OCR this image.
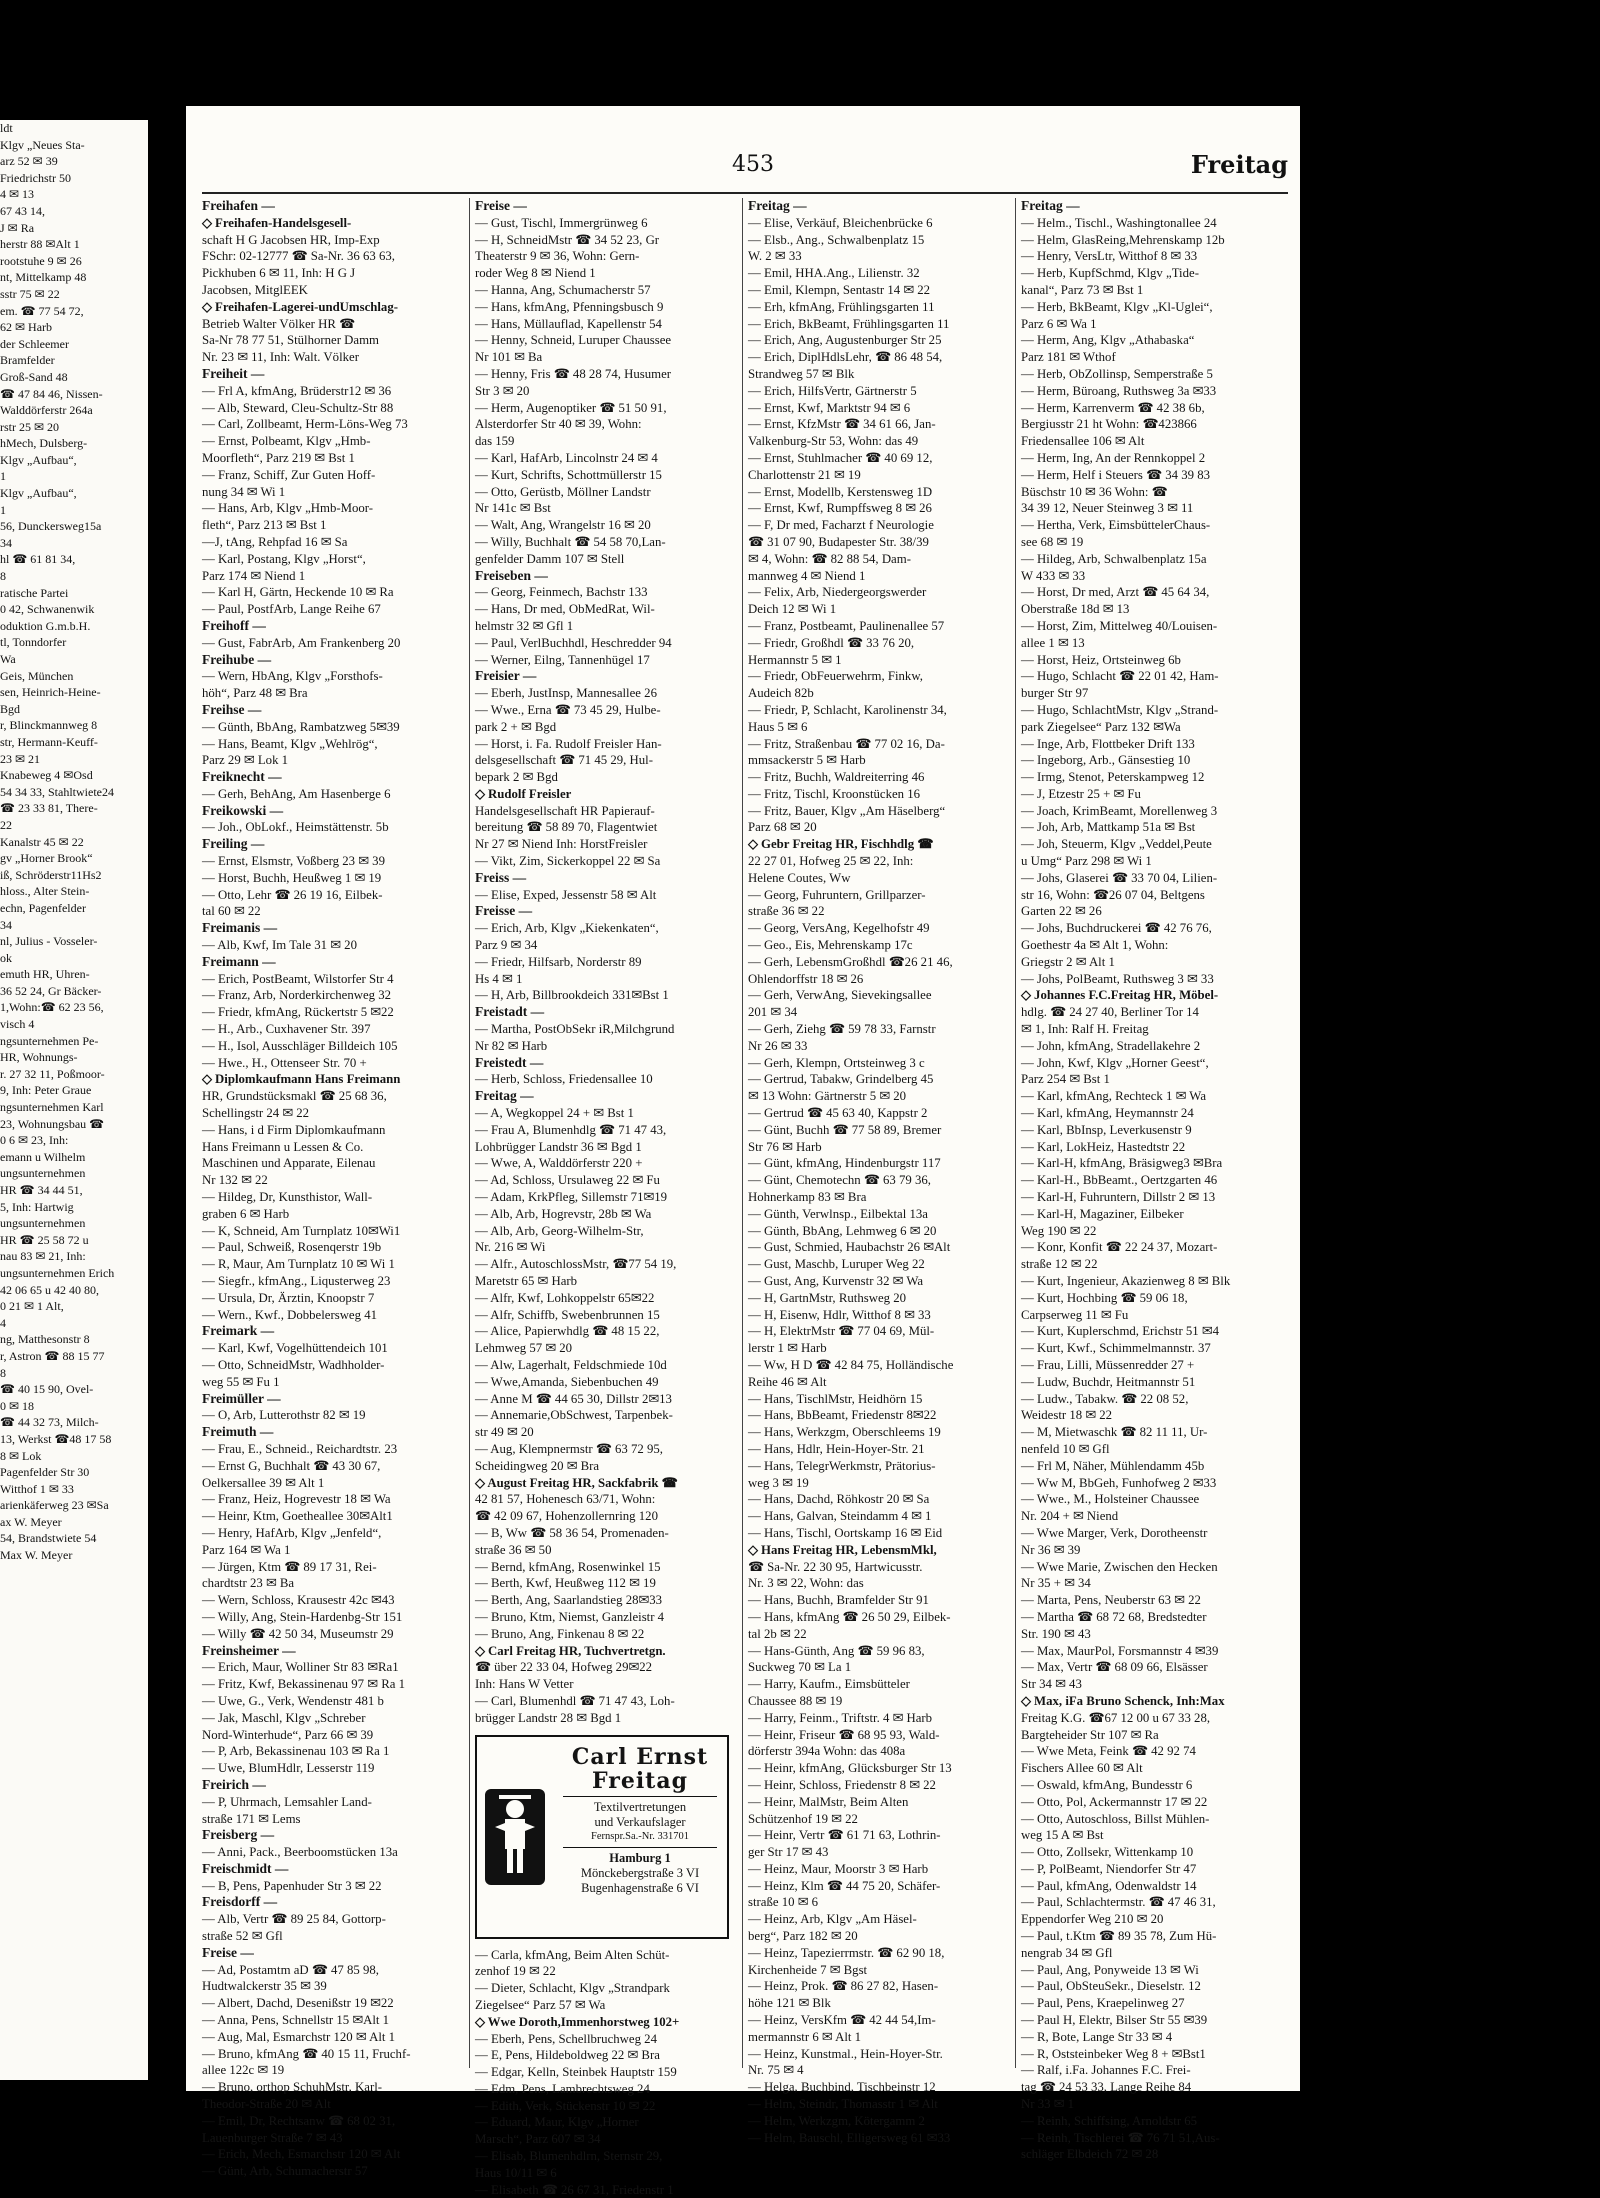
ldt
Klgv „Neues Sta-
arz 52 ✉ 39
Friedrichstr 50
4 ✉ 13
67 43 14,
J ✉ Ra
herstr 88 ✉Alt 1
rootstuhe 9 ✉ 26
nt, Mittelkamp 48
sstr 75 ✉ 22
em. ☎ 77 54 72,
62 ✉ Harb
der Schleemer
Bramfelder
Groß-Sand 48
☎ 47 84 46, Nissen-
Walddörferstr 264a
rstr 25 ✉ 20
hMech, Dulsberg-
Klgv „Aufbau“,
1
Klgv „Aufbau“,
1
56, Dunckersweg15a
34
hl ☎ 61 81 34,
8
ratische Partei
0 42, Schwanenwik
oduktion G.m.b.H.
tl, Tonndorfer
Wa
Geis, München
sen, Heinrich-Heine-
Bgd
r, Blinckmannweg 8
str, Hermann-Keuff-
23 ✉ 21
Knabeweg 4 ✉Osd
54 34 33, Stahltwiete24
☎ 23 33 81, There-
22
Kanalstr 45 ✉ 22
gv „Horner Brook“
iß, Schröderstr11Hs2
hloss., Alter Stein-
echn, Pagenfelder
34
nl, Julius - Vosseler-
ok
emuth HR, Uhren-
36 52 24, Gr Bäcker-
1,Wohn:☎ 62 23 56,
visch 4
ngsunternehmen Pe-
HR, Wohnungs-
r. 27 32 11, Poßmoor-
9, Inh: Peter Graue
ngsunternehmen Karl
23, Wohnungsbau ☎
0 6 ✉ 23, Inh:
emann u Wilhelm
ungsunternehmen
HR ☎ 34 44 51,
5, Inh: Hartwig
ungsunternehmen
HR ☎ 25 58 72 u
nau 83 ✉ 21, Inh:
ungsunternehmen Erich
42 06 65 u 42 40 80,
0 21 ✉ 1 Alt,
4
ng, Matthesonstr 8
r, Astron ☎ 88 15 77
8
☎ 40 15 90, Ovel-
0 ✉ 18
☎ 44 32 73, Milch-
13, Werkst ☎48 17 58
8 ✉ Lok
Pagenfelder Str 30
Witthof 1 ✉ 33
arienkäferweg 23 ✉Sa
ax W. Meyer
54, Brandstwiete 54
Max W. Meyer
453	Freitag
Freihafen —
◇ Freihafen-Handelsgesell-
schaft H G Jacobsen HR, Imp-Exp
FSchr: 02-12777 ☎ Sa-Nr. 36 63 63,
Pickhuben 6 ✉ 11, Inh: H G J
Jacobsen, MitglEEK
◇ Freihafen-Lagerei-undUmschlag-
Betrieb Walter Völker HR ☎
Sa-Nr 78 77 51, Stülhorner Damm
Nr. 23 ✉ 11, Inh: Walt. Völker
Freiheit —
— Frl A, kfmAng, Brüderstr12 ✉ 36
— Alb, Steward, Cleu-Schultz-Str 88
— Carl, Zollbeamt, Herm-Löns-Weg 73
— Ernst, Polbeamt, Klgv „Hmb-
Moorfleth“, Parz 219 ✉ Bst 1
— Franz, Schiff, Zur Guten Hoff-
nung 34 ✉ Wi 1
— Hans, Arb, Klgv „Hmb-Moor-
fleth“, Parz 213 ✉ Bst 1
—J, tAng, Rehpfad 16 ✉ Sa
— Karl, Postang, Klgv „Horst“,
Parz 174 ✉ Niend 1
— Karl H, Gärtn, Heckende 10 ✉ Ra
— Paul, PostfArb, Lange Reihe 67
Freihoff —
— Gust, FabrArb, Am Frankenberg 20
Freihube —
— Wern, HbAng, Klgv „Forsthofs-
höh“, Parz 48 ✉ Bra
Freihse —
— Günth, BbAng, Rambatzweg 5✉39
— Hans, Beamt, Klgv „Wehlrög“,
Parz 29 ✉ Lok 1
Freiknecht —
— Gerh, BehAng, Am Hasenberge 6
Freikowski —
— Joh., ObLokf., Heimstättenstr. 5b
Freiling —
— Ernst, Elsmstr, Voßberg 23 ✉ 39
— Horst, Buchh, Heußweg 1 ✉ 19
— Otto, Lehr ☎ 26 19 16, Eilbek-
tal 60 ✉ 22
Freimanis —
— Alb, Kwf, Im Tale 31 ✉ 20
Freimann —
— Erich, PostBeamt, Wilstorfer Str 4
— Franz, Arb, Norderkirchenweg 32
— Friedr, kfmAng, Rückertstr 5 ✉22
— H., Arb., Cuxhavener Str. 397
— H., Isol, Ausschläger Billdeich 105
— Hwe., H., Ottenseer Str. 70 +
◇ Diplomkaufmann Hans Freimann
HR, Grundstücksmakl ☎ 25 68 36,
Schellingstr 24 ✉ 22
— Hans, i d Firm Diplomkaufmann
Hans Freimann u Lessen & Co.
Maschinen und Apparate, Eilenau
Nr 132 ✉ 22
— Hildeg, Dr, Kunsthistor, Wall-
graben 6 ✉ Harb
— K, Schneid, Am Turnplatz 10✉Wi1
— Paul, Schweiß, Rosenqerstr 19b
— R, Maur, Am Turnplatz 10 ✉ Wi 1
— Siegfr., kfmAng., Liqusterweg 23
— Ursula, Dr, Ärztin, Knoopstr 7
— Wern., Kwf., Dobbelersweg 41
Freimark —
— Karl, Kwf, Vogelhüttendeich 101
— Otto, SchneidMstr, Wadhholder-
weg 55 ✉ Fu 1
Freimüller —
— O, Arb, Lutterothstr 82 ✉ 19
Freimuth —
— Frau, E., Schneid., Reichardtstr. 23
— Ernst G, Buchhalt ☎ 43 30 67,
Oelkersallee 39 ✉ Alt 1
— Franz, Heiz, Hogrevestr 18 ✉ Wa
— Heinr, Ktm, Goetheallee 30✉Alt1
— Henry, HafArb, Klgv „Jenfeld“,
Parz 164 ✉ Wa 1
— Jürgen, Ktm ☎ 89 17 31, Rei-
chardtstr 23 ✉ Ba
— Wern, Schloss, Krausestr 42c ✉43
— Willy, Ang, Stein-Hardenbg-Str 151
— Willy ☎ 42 50 34, Museumstr 29
Freinsheimer —
— Erich, Maur, Wolliner Str 83 ✉Ra1
— Fritz, Kwf, Bekassinenau 97 ✉ Ra 1
— Uwe, G., Verk, Wendenstr 481 b
— Jak, Maschl, Klgv „Schreber
Nord-Winterhude“, Parz 66 ✉ 39
— P, Arb, Bekassinenau 103 ✉ Ra 1
— Uwe, BlumHdlr, Lesserstr 119
Freirich —
— P, Uhrmach, Lemsahler Land-
straße 171 ✉ Lems
Freisberg —
— Anni, Pack., Beerboomstücken 13a
Freischmidt —
— B, Pens, Papenhuder Str 3 ✉ 22
Freisdorff —
— Alb, Vertr ☎ 89 25 84, Gottorp-
straße 52 ✉ Gfl
Freise —
— Ad, Postamtm aD ☎ 47 85 98,
Hudtwalckerstr 35 ✉ 39
— Albert, Dachd, Desenißstr 19 ✉22
— Anna, Pens, Schnellstr 15 ✉Alt 1
— Aug, Mal, Esmarchstr 120 ✉ Alt 1
— Bruno, kfmAng ☎ 40 15 11, Fruchf-
allee 122c ✉ 19
— Bruno, orthop SchuhMstr, Karl-
Theodor-Straße 20 ✉ Alt
— Emil, Dr, Rechtsanw ☎ 68 02 31,
Lauenburger Straße 7 ✉ 43
— Erich, Mech, Esmarchstr 120 ✉ Alt
— Günt, Arb, Schumacherstr 57
Freise —
— Gust, Tischl, Immergrünweg 6
— H, SchneidMstr ☎ 34 52 23, Gr
Theaterstr 9 ✉ 36, Wohn: Gern-
roder Weg 8 ✉ Niend 1
— Hanna, Ang, Schumacherstr 57
— Hans, kfmAng, Pfenningsbusch 9
— Hans, Müllauflad, Kapellenstr 54
— Henny, Schneid, Luruper Chaussee
Nr 101 ✉ Ba
— Henny, Fris ☎ 48 28 74, Husumer
Str 3 ✉ 20
— Herm, Augenoptiker ☎ 51 50 91,
Alsterdorfer Str 40 ✉ 39, Wohn:
das 159
— Karl, HafArb, Lincolnstr 24 ✉ 4
— Kurt, Schrifts, Schottmüllerstr 15
— Otto, Gerüstb, Möllner Landstr
Nr 141c ✉ Bst
— Walt, Ang, Wrangelstr 16 ✉ 20
— Willy, Buchhalt ☎ 54 58 70,Lan-
genfelder Damm 107 ✉ Stell
Freiseben —
— Georg, Feinmech, Bachstr 133
— Hans, Dr med, ObMedRat, Wil-
helmstr 32 ✉ Gfl 1
— Paul, VerlBuchhdl, Heschredder 94
— Werner, Eilng, Tannenhügel 17
Freisier —
— Eberh, JustInsp, Mannesallee 26
— Wwe., Erna ☎ 73 45 29, Hulbe-
park 2 + ✉ Bgd
— Horst, i. Fa. Rudolf Freisler Han-
delsgesellschaft ☎ 71 45 29, Hul-
bepark 2 ✉ Bgd
◇ Rudolf Freisler
Handelsgesellschaft HR Papierauf-
bereitung ☎ 58 89 70, Flagentwiet
Nr 27 ✉ Niend Inh: HorstFreisler
— Vikt, Zim, Sickerkoppel 22 ✉ Sa
Freiss —
— Elise, Exped, Jessenstr 58 ✉ Alt
Freisse —
— Erich, Arb, Klgv „Kiekenkaten“,
Parz 9 ✉ 34
— Friedr, Hilfsarb, Norderstr 89
Hs 4 ✉ 1
— H, Arb, Billbrookdeich 331✉Bst 1
Freistadt —
— Martha, PostObSekr iR,Milchgrund
Nr 82 ✉ Harb
Freistedt —
— Herb, Schloss, Friedensallee 10
Freitag —
— A, Wegkoppel 24 + ✉ Bst 1
— Frau A, Blumenhdlg ☎ 71 47 43,
Lohbrügger Landstr 36 ✉ Bgd 1
— Wwe, A, Walddörferstr 220 +
— Ad, Schloss, Ursulaweg 22 ✉ Fu
— Adam, KrkPfleg, Sillemstr 71✉19
— Alb, Arb, Hogrevstr, 28b ✉ Wa
— Alb, Arb, Georg-Wilhelm-Str,
Nr. 216 ✉ Wi
— Alfr., AutoschlossMstr, ☎77 54 19,
Maretstr 65 ✉ Harb
— Alfr, Kwf, Lohkoppelstr 65✉22
— Alfr, Schiffb, Swebenbrunnen 15
— Alice, Papierwhdlg ☎ 48 15 22,
Lehmweg 57 ✉ 20
— Alw, Lagerhalt, Feldschmiede 10d
— Wwe,Amanda, Siebenbuchen 49
— Anne M ☎ 44 65 30, Dillstr 2✉13
— Annemarie,ObSchwest, Tarpenbek-
str 49 ✉ 20
— Aug, Klempnermstr ☎ 63 72 95,
Scheidingweg 20 ✉ Bra
◇ August Freitag HR, Sackfabrik ☎
42 81 57, Hohenesch 63/71, Wohn:
☎ 42 09 67, Hohenzollernring 120
— B, Ww ☎ 58 36 54, Promenaden-
straße 36 ✉ 50
— Bernd, kfmAng, Rosenwinkel 15
— Berth, Kwf, Heußweg 112 ✉ 19
— Berth, Ang, Saarlandstieg 28✉33
— Bruno, Ktm, Niemst, Ganzleistr 4
— Bruno, Ang, Finkenau 8 ✉ 22
◇ Carl Freitag HR, Tuchvertretgn.
☎ über 22 33 04, Hofweg 29✉22
Inh: Hans W Vetter
— Carl, Blumenhdl ☎ 71 47 43, Loh-
brügger Landstr 28 ✉ Bgd 1
Carl Ernst Freitag
Textilvertretungen
und Verkaufslager
Fernspr.Sa.-Nr. 331701
Hamburg 1
Mönckebergstraße 3 VI
Bugenhagenstraße 6 VI
— Carla, kfmAng, Beim Alten Schüt-
zenhof 19 ✉ 22
— Dieter, Schlacht, Klgv „Strandpark
Ziegelsee“ Parz 57 ✉ Wa
◇ Wwe Doroth,Immenhorstweg 102+
— Eberh, Pens, Schellbruchweg 24
— E, Pens, Hildeboldweg 22 ✉ Bra
— Edgar, Kelln, Steinbek Hauptstr 159
— Edm, Pens, Lambrechtsweg 24
— Edith, Verk, Stückenstr 10 ✉ 22
— Eduard, Maur, Klgv „Horner
Marsch“, Parz 607 ✉ 34
— Elisab, Blumenhdlrn, Sternstr 29,
Haus 10/11 ✉ 6
— Elisabeth ☎ 26 67 31, Friedenstr 1
Freitag —
— Elise, Verkäuf, Bleichenbrücke 6
— Elsb., Ang., Schwalbenplatz 15
W. 2 ✉ 33
— Emil, HHA.Ang., Lilienstr. 32
— Emil, Klempn, Sentastr 14 ✉ 22
— Erh, kfmAng, Frühlingsgarten 11
— Erich, BkBeamt, Frühlingsgarten 11
— Erich, Ang, Augustenburger Str 25
— Erich, DiplHdlsLehr, ☎ 86 48 54,
Strandweg 57 ✉ Blk
— Erich, HilfsVertr, Gärtnerstr 5
— Ernst, Kwf, Marktstr 94 ✉ 6
— Ernst, KfzMstr ☎ 34 61 66, Jan-
Valkenburg-Str 53, Wohn: das 49
— Ernst, Stuhlmacher ☎ 40 69 12,
Charlottenstr 21 ✉ 19
— Ernst, Modellb, Kerstensweg 1D
— Ernst, Kwf, Rumpffsweg 8 ✉ 26
— F, Dr med, Facharzt f Neurologie
☎ 31 07 90, Budapester Str. 38/39
✉ 4, Wohn: ☎ 82 88 54, Dam-
mannweg 4 ✉ Niend 1
— Felix, Arb, Niedergeorgswerder
Deich 12 ✉ Wi 1
— Franz, Postbeamt, Paulinenallee 57
— Friedr, Großhdl ☎ 33 76 20,
Hermannstr 5 ✉ 1
— Friedr, ObFeuerwehrm, Finkw,
Audeich 82b
— Friedr, P, Schlacht, Karolinenstr 34,
Haus 5 ✉ 6
— Fritz, Straßenbau ☎ 77 02 16, Da-
mmsackerstr 5 ✉ Harb
— Fritz, Buchh, Waldreiterring 46
— Fritz, Tischl, Kroonstücken 16
— Fritz, Bauer, Klgv „Am Häselberg“
Parz 68 ✉ 20
◇ Gebr Freitag HR, Fischhdlg ☎
22 27 01, Hofweg 25 ✉ 22, Inh:
Helene Coutes, Ww
— Georg, Fuhruntern, Grillparzer-
straße 36 ✉ 22
— Georg, VersAng, Kegelhofstr 49
— Geo., Eis, Mehrenskamp 17c
— Gerh, LebensmGroßhdl ☎26 21 46,
Ohlendorffstr 18 ✉ 26
— Gerh, VerwAng, Sievekingsallee
201 ✉ 34
— Gerh, Ziehg ☎ 59 78 33, Farnstr
Nr 26 ✉ 33
— Gerh, Klempn, Ortsteinweg 3 c
— Gertrud, Tabakw, Grindelberg 45
✉ 13 Wohn: Gärtnerstr 5 ✉ 20
— Gertrud ☎ 45 63 40, Kappstr 2
— Günt, Buchh ☎ 77 58 89, Bremer
Str 76 ✉ Harb
— Günt, kfmAng, Hindenburgstr 117
— Günt, Chemotechn ☎ 63 79 36,
Hohnerkamp 83 ✉ Bra
— Günth, Verwlnsp., Eilbektal 13a
— Günth, BbAng, Lehmweg 6 ✉ 20
— Gust, Schmied, Haubachstr 26 ✉Alt
— Gust, Maschb, Luruper Weg 22
— Gust, Ang, Kurvenstr 32 ✉ Wa
— H, GartnMstr, Ruthsweg 20
— H, Eisenw, Hdlr, Witthof 8 ✉ 33
— H, ElektrMstr ☎ 77 04 69, Mül-
lerstr 1 ✉ Harb
— Ww, H D ☎ 42 84 75, Holländische
Reihe 46 ✉ Alt
— Hans, TischlMstr, Heidhörn 15
— Hans, BbBeamt, Friedenstr 8✉22
— Hans, Werkzgm, Oberschleems 19
— Hans, Hdlr, Hein-Hoyer-Str. 21
— Hans, TelegrWerkmstr, Prätorius-
weg 3 ✉ 19
— Hans, Dachd, Röhkostr 20 ✉ Sa
— Hans, Galvan, Steindamm 4 ✉ 1
— Hans, Tischl, Oortskamp 16 ✉ Eid
◇ Hans Freitag HR, LebensmMkl,
☎ Sa-Nr. 22 30 95, Hartwicusstr.
Nr. 3 ✉ 22, Wohn: das
— Hans, Buchh, Bramfelder Str 91
— Hans, kfmAng ☎ 26 50 29, Eilbek-
tal 2b ✉ 22
— Hans-Günth, Ang ☎ 59 96 83,
Suckweg 70 ✉ La 1
— Harry, Kaufm., Eimsbütteler
Chaussee 88 ✉ 19
— Harry, Feinm., Triftstr. 4 ✉ Harb
— Heinr, Friseur ☎ 68 95 93, Wald-
dörferstr 394a Wohn: das 408a
— Heinr, kfmAng, Glücksburger Str 13
— Heinr, Schloss, Friedenstr 8 ✉ 22
— Heinr, MalMstr, Beim Alten
Schützenhof 19 ✉ 22
— Heinr, Vertr ☎ 61 71 63, Lothrin-
ger Str 17 ✉ 43
— Heinz, Maur, Moorstr 3 ✉ Harb
— Heinz, Klm ☎ 44 75 20, Schäfer-
straße 10 ✉ 6
— Heinz, Arb, Klgv „Am Häsel-
berg“, Parz 182 ✉ 20
— Heinz, Tapezierrmstr. ☎ 62 90 18,
Kirchenheide 7 ✉ Bgst
— Heinz, Prok. ☎ 86 27 82, Hasen-
höhe 121 ✉ Blk
— Heinz, VersKfm ☎ 42 44 54,Im-
mermannstr 6 ✉ Alt 1
— Heinz, Kunstmal., Hein-Hoyer-Str.
Nr. 75 ✉ 4
— Helga, Buchbind, Tischbeinstr 12
— Helm, Steindr, Thomasstr 1 ✉ Alt
— Helm, Werkzgm, Kötergamm 2
— Helm, Bauschl, Elligersweg 61 ✉33
Freitag —
— Helm., Tischl., Washingtonallee 24
— Helm, GlasReing,Mehrenskamp 12b
— Henry, VersLtr, Witthof 8 ✉ 33
— Herb, KupfSchmd, Klgv „Tide-
kanal“, Parz 73 ✉ Bst 1
— Herb, BkBeamt, Klgv „Kl-Uglei“,
Parz 6 ✉ Wa 1
— Herm, Ang, Klgv „Athabaska“
Parz 181 ✉ Wthof
— Herb, ObZollinsp, Semperstraße 5
— Herm, Büroang, Ruthsweg 3a ✉33
— Herm, Karrenverm ☎ 42 38 6b,
Bergiusstr 21 ht Wohn: ☎423866
Friedensallee 106 ✉ Alt
— Herm, Ing, An der Rennkoppel 2
— Herm, Helf i Steuers ☎ 34 39 83
Büschstr 10 ✉ 36 Wohn: ☎
34 39 12, Neuer Steinweg 3 ✉ 11
— Hertha, Verk, EimsbüttelerChaus-
see 68 ✉ 19
— Hildeg, Arb, Schwalbenplatz 15a
W 433 ✉ 33
— Horst, Dr med, Arzt ☎ 45 64 34,
Oberstraße 18d ✉ 13
— Horst, Zim, Mittelweg 40/Louisen-
allee 1 ✉ 13
— Horst, Heiz, Ortsteinweg 6b
— Hugo, Schlacht ☎ 22 01 42, Ham-
burger Str 97
— Hugo, SchlachtMstr, Klgv „Strand-
park Ziegelsee“ Parz 132 ✉Wa
— Inge, Arb, Flottbeker Drift 133
— Ingeborg, Arb., Gänsestieg 10
— Irmg, Stenot, Peterskampweg 12
— J, Etzestr 25 + ✉ Fu
— Joach, KrimBeamt, Morellenweg 3
— Joh, Arb, Mattkamp 51a ✉ Bst
— Joh, Steuerm, Klgv „Veddel,Peute
u Umg“ Parz 298 ✉ Wi 1
— Johs, Glaserei ☎ 33 70 04, Lilien-
str 16, Wohn: ☎26 07 04, Beltgens
Garten 22 ✉ 26
— Johs, Buchdruckerei ☎ 42 76 76,
Goethestr 4a ✉ Alt 1, Wohn:
Griegstr 2 ✉ Alt 1
— Johs, PolBeamt, Ruthsweg 3 ✉ 33
◇ Johannes F.C.Freitag HR, Möbel-
hdlg. ☎ 24 27 40, Berliner Tor 14
✉ 1, Inh: Ralf H. Freitag
— John, kfmAng, Stradellakehre 2
— John, Kwf, Klgv „Horner Geest“,
Parz 254 ✉ Bst 1
— Karl, kfmAng, Rechteck 1 ✉ Wa
— Karl, kfmAng, Heymannstr 24
— Karl, BbInsp, Leverkusenstr 9
— Karl, LokHeiz, Hastedtstr 22
— Karl-H, kfmAng, Bräsigweg3 ✉Bra
— Karl-H., BbBeamt., Oertzgarten 46
— Karl-H, Fuhruntern, Dillstr 2 ✉ 13
— Karl-H, Magaziner, Eilbeker
Weg 190 ✉ 22
— Konr, Konfit ☎ 22 24 37, Mozart-
straße 12 ✉ 22
— Kurt, Ingenieur, Akazienweg 8 ✉ Blk
— Kurt, Hochbing ☎ 59 06 18,
Carpserweg 11 ✉ Fu
— Kurt, Kuplerschmd, Erichstr 51 ✉4
— Kurt, Kwf., Schimmelmannstr. 37
— Frau, Lilli, Müssenredder 27 +
— Ludw, Buchdr, Heitmannstr 51
— Ludw., Tabakw. ☎ 22 08 52,
Weidestr 18 ✉ 22
— M, Mietwaschk ☎ 82 11 11, Ur-
nenfeld 10 ✉ Gfl
— Frl M, Näher, Mühlendamm 45b
— Ww M, BbGeh, Funhofweg 2 ✉33
— Wwe., M., Holsteiner Chaussee
Nr. 204 + ✉ Niend
— Wwe Marger, Verk, Dorotheenstr
Nr 36 ✉ 39
— Wwe Marie, Zwischen den Hecken
Nr 35 + ✉ 34
— Marta, Pens, Neuberstr 63 ✉ 22
— Martha ☎ 68 72 68, Bredstedter
Str. 190 ✉ 43
— Max, MaurPol, Forsmannstr 4 ✉39
— Max, Vertr ☎ 68 09 66, Elsässer
Str 34 ✉ 43
◇ Max, iFa Bruno Schenck, Inh:Max
Freitag K.G. ☎67 12 00 u 67 33 28,
Bargteheider Str 107 ✉ Ra
— Wwe Meta, Feink ☎ 42 92 74
Fischers Allee 60 ✉ Alt
— Oswald, kfmAng, Bundesstr 6
— Otto, Pol, Ackermannstr 17 ✉ 22
— Otto, Autoschloss, Billst Mühlen-
weg 15 A ✉ Bst
— Otto, Zollsekr, Wittenkamp 10
— P, PolBeamt, Niendorfer Str 47
— Paul, kfmAng, Odenwaldstr 14
— Paul, Schlachtermstr. ☎ 47 46 31,
Eppendorfer Weg 210 ✉ 20
— Paul, t.Ktm ☎ 89 35 78, Zum Hü-
nengrab 34 ✉ Gfl
— Paul, Ang, Ponyweide 13 ✉ Wi
— Paul, ObSteuSekr., Dieselstr. 12
— Paul, Pens, Kraepelinweg 27
— Paul H, Elektr, Bilser Str 55 ✉39
— R, Bote, Lange Str 33 ✉ 4
— R, Oststeinbeker Weg 8 + ✉Bst1
— Ralf, i.Fa. Johannes F.C. Frei-
tag ☎ 24 53 33, Lange Reihe 84
Nr 33 ✉ 1
— Reinh, Schiffsing, Arnoldstr 65
— Reinh, Tischlerei ☎ 76 71 51,Aus-
schläger Elbdeich 72 ✉ 28
